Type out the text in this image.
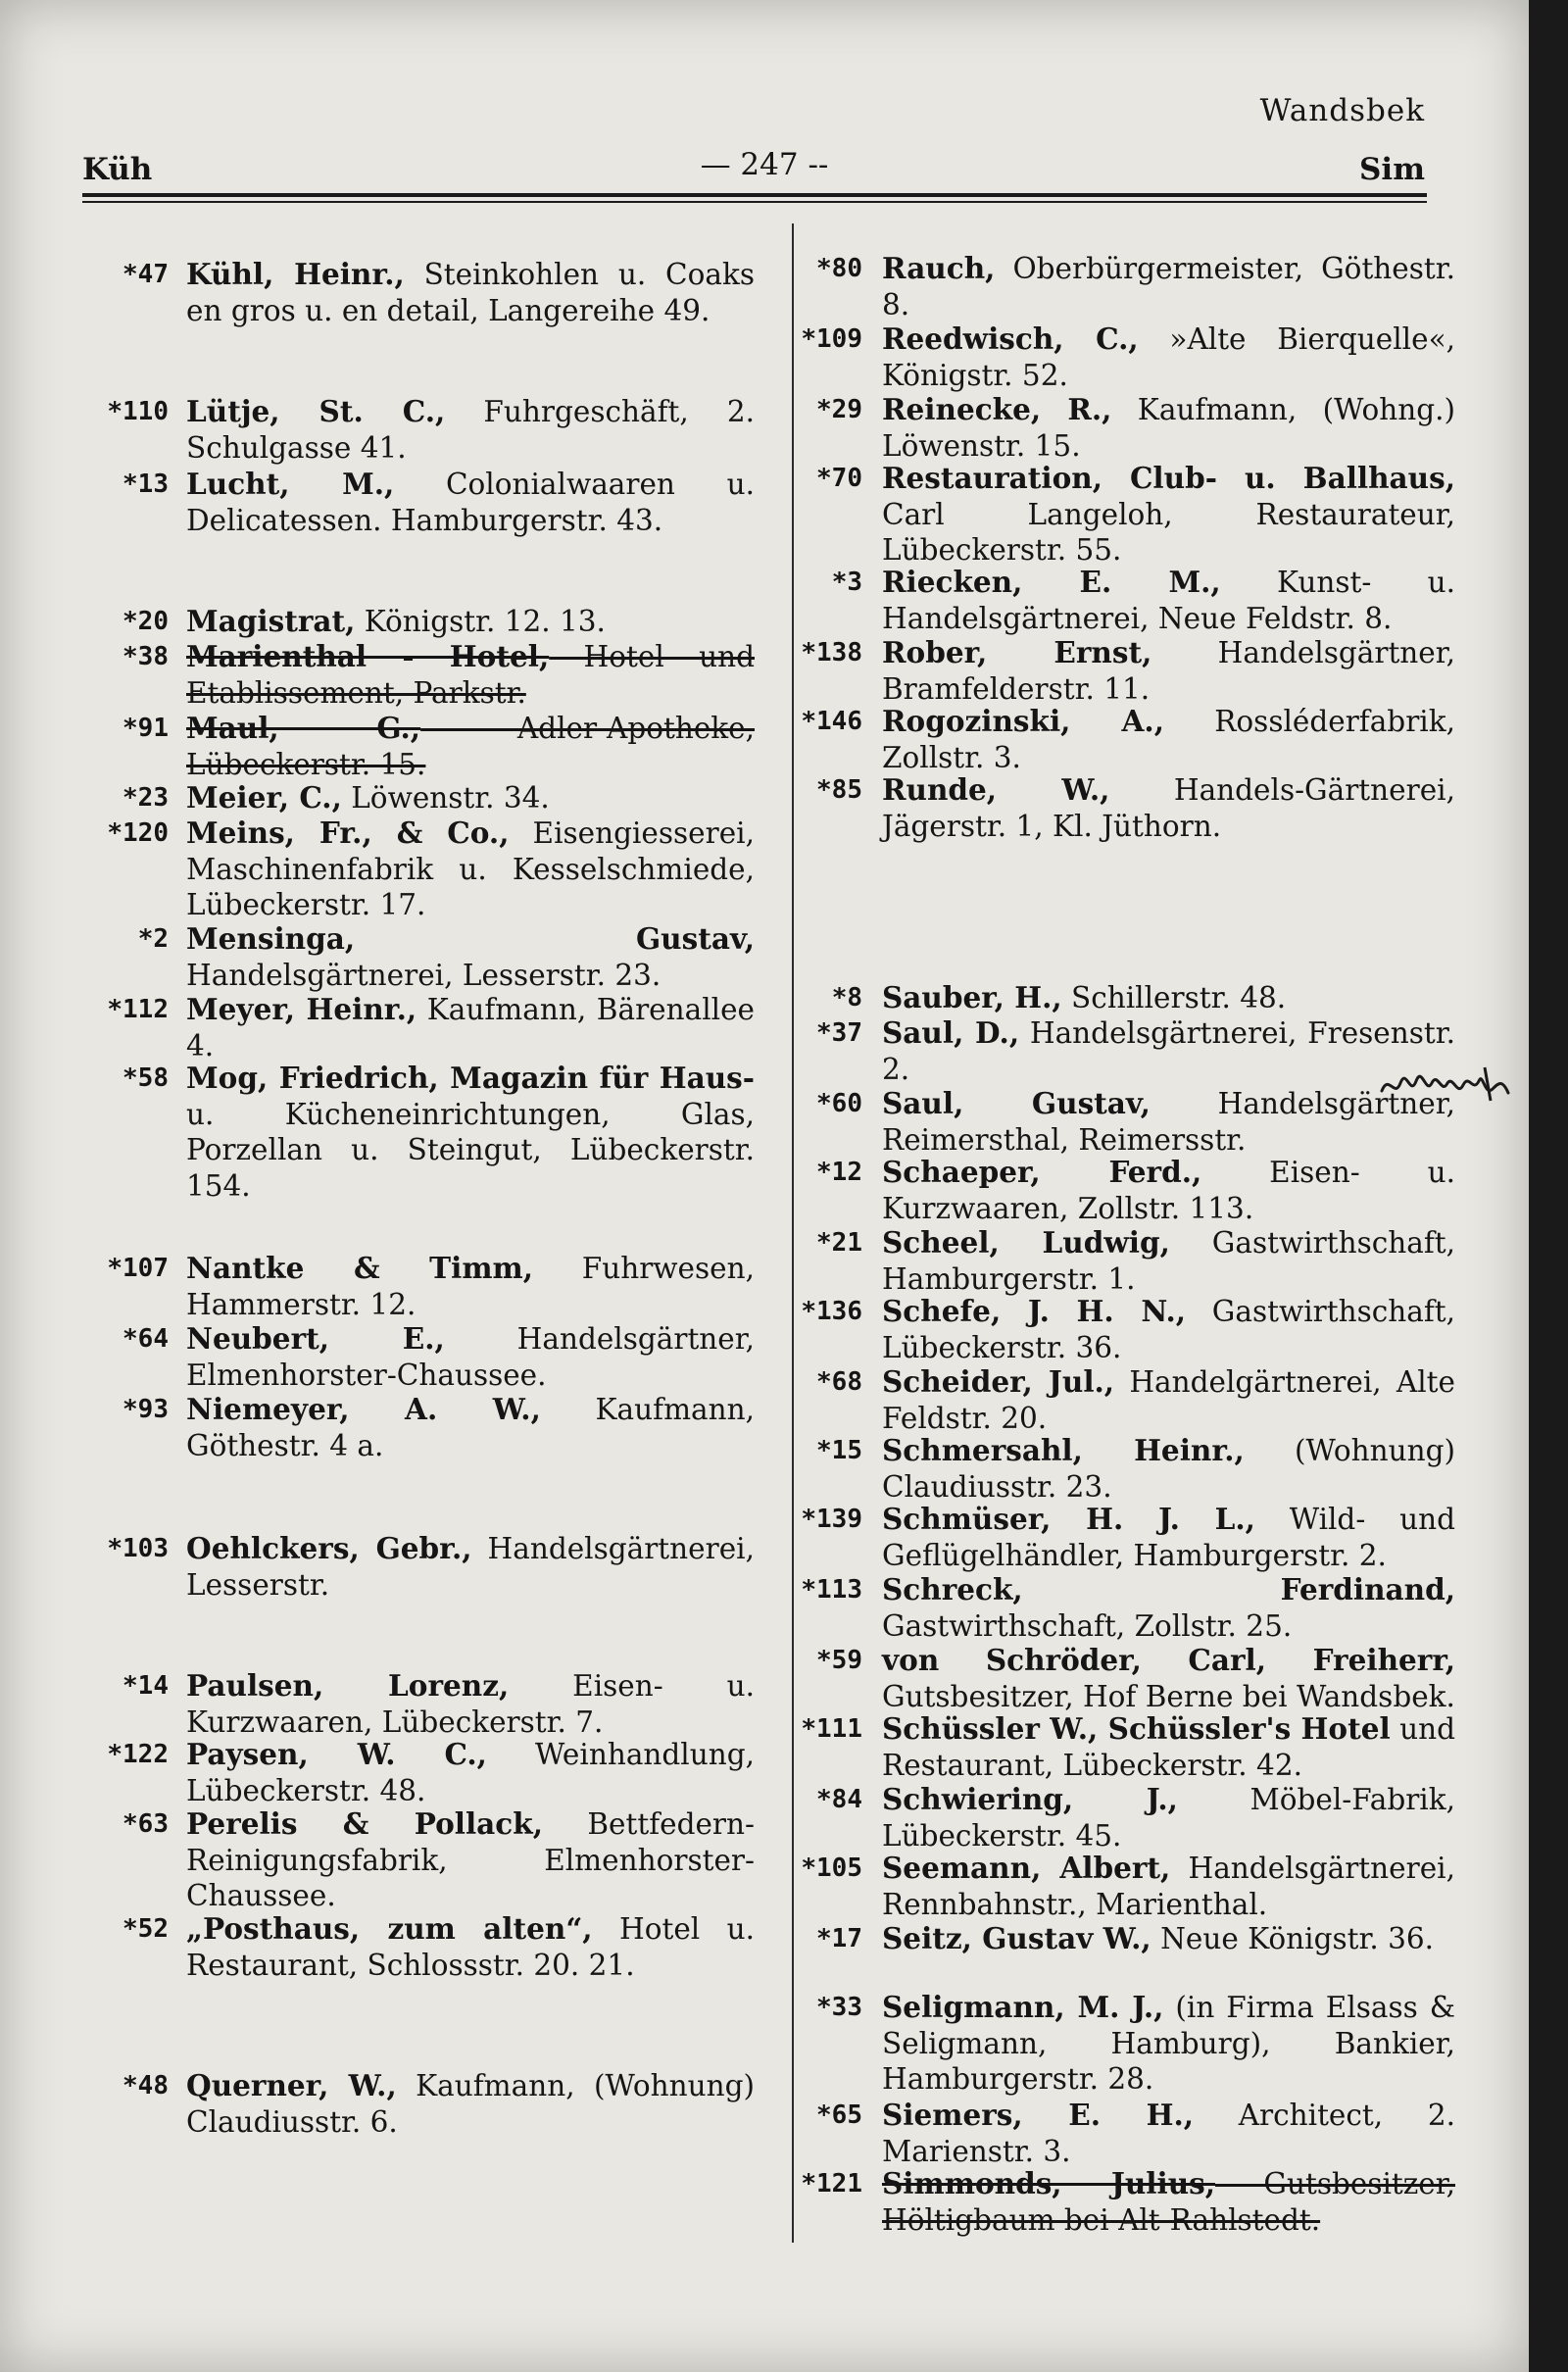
Wandsbek
Küh	— 247 --	Sim
*47 Kühl, Heinr., Steinkohlen u. Coaks en gros u. en detail, Langereihe 49.
*110 Lütje, St. C., Fuhrgeschäft, 2. Schulgasse 41.
*13 Lucht, M., Colonialwaaren u. Delicatessen. Hamburgerstr. 43.
*20 Magistrat, Königstr. 12. 13.
*38 Marienthal - Hotel, Hotel und Etablissement, Parkstr.
*91 Maul, G., Adler-Apotheke, Lübeckerstr. 15.
*23 Meier, C., Löwenstr. 34.
*120 Meins, Fr., & Co., Eisengiesserei, Maschinenfabrik u. Kesselschmiede, Lübeckerstr. 17.
*2 Mensinga, Gustav, Handelsgärtnerei, Lesserstr. 23.
*112 Meyer, Heinr., Kaufmann, Bärenallee 4.
*58 Mog, Friedrich, Magazin für Haus- u. Kücheneinrichtungen, Glas, Porzellan u. Steingut, Lübeckerstr. 154.
*107 Nantke & Timm, Fuhrwesen, Hammerstr. 12.
*64 Neubert, E., Handelsgärtner, Elmenhorster-Chaussee.
*93 Niemeyer, A. W., Kaufmann, Göthestr. 4 a.
*103 Oehlckers, Gebr., Handelsgärtnerei, Lesserstr.
*14 Paulsen, Lorenz, Eisen- u. Kurzwaaren, Lübeckerstr. 7.
*122 Paysen, W. C., Weinhandlung, Lübeckerstr. 48.
*63 Perelis & Pollack, Bettfedern-Reinigungsfabrik, Elmenhorster-Chaussee.
*52 „Posthaus, zum alten“, Hotel u. Restaurant, Schlossstr. 20. 21.
*48 Querner, W., Kaufmann, (Wohnung) Claudiusstr. 6.
*80 Rauch, Oberbürgermeister, Göthestr. 8.
*109 Reedwisch, C., »Alte Bierquelle«, Königstr. 52.
*29 Reinecke, R., Kaufmann, (Wohng.) Löwenstr. 15.
*70 Restauration, Club- u. Ballhaus, Carl Langeloh, Restaurateur, Lübeckerstr. 55.
*3 Riecken, E. M., Kunst- u. Handelsgärtnerei, Neue Feldstr. 8.
*138 Rober, Ernst, Handelsgärtner, Bramfelderstr. 11.
*146 Rogozinski, A., Rossléderfabrik, Zollstr. 3.
*85 Runde, W., Handels-Gärtnerei, Jägerstr. 1, Kl. Jüthorn.
*8 Sauber, H., Schillerstr. 48.
*37 Saul, D., Handelsgärtnerei, Fresenstr. 2.
*60 Saul, Gustav, Handelsgärtner, Reimersthal, Reimersstr.
*12 Schaeper, Ferd., Eisen- u. Kurzwaaren, Zollstr. 113.
*21 Scheel, Ludwig, Gastwirthschaft, Hamburgerstr. 1.
*136 Schefe, J. H. N., Gastwirthschaft, Lübeckerstr. 36.
*68 Scheider, Jul., Handelgärtnerei, Alte Feldstr. 20.
*15 Schmersahl, Heinr., (Wohnung) Claudiusstr. 23.
*139 Schmüser, H. J. L., Wild- und Geflügelhändler, Hamburgerstr. 2.
*113 Schreck, Ferdinand, Gastwirthschaft, Zollstr. 25.
*59 von Schröder, Carl, Freiherr, Gutsbesitzer, Hof Berne bei Wandsbek.
*111 Schüssler W., Schüssler's Hotel und Restaurant, Lübeckerstr. 42.
*84 Schwiering, J., Möbel-Fabrik, Lübeckerstr. 45.
*105 Seemann, Albert, Handelsgärtnerei, Rennbahnstr., Marienthal.
*17 Seitz, Gustav W., Neue Königstr. 36.
*33 Seligmann, M. J., (in Firma Elsass & Seligmann, Hamburg), Bankier, Hamburgerstr. 28.
*65 Siemers, E. H., Architect, 2. Marienstr. 3.
*121 Simmonds, Julius, Gutsbesitzer, Höltigbaum bei Alt-Rahlstedt.
